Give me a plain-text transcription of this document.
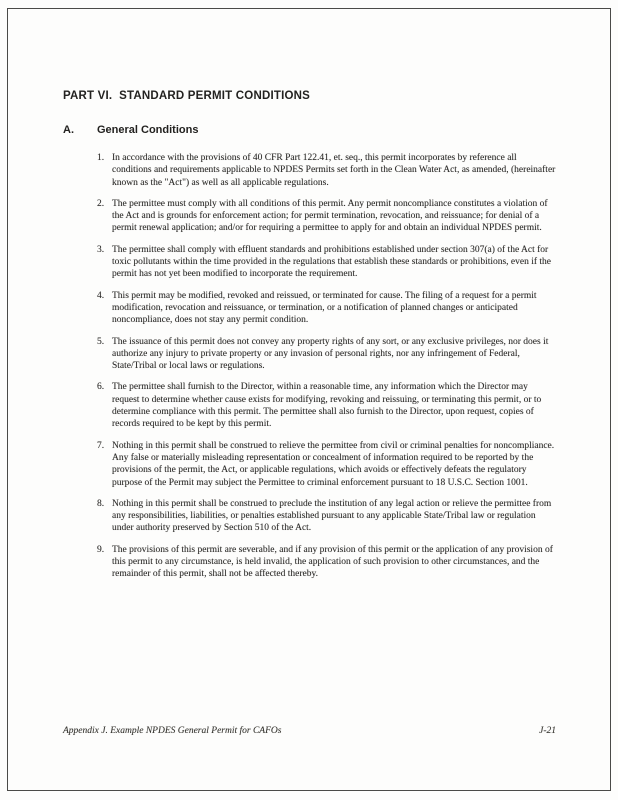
PART VI.  STANDARD PERMIT CONDITIONS
A.	General Conditions
1. In accordance with the provisions of 40 CFR Part 122.41, et. seq., this permit incorporates by reference all conditions and requirements applicable to NPDES Permits set forth in the Clean Water Act, as amended, (hereinafter known as the "Act") as well as all applicable regulations.
2. The permittee must comply with all conditions of this permit. Any permit noncompliance constitutes a violation of the Act and is grounds for enforcement action; for permit termination, revocation, and reissuance; for denial of a permit renewal application; and/or for requiring a permittee to apply for and obtain an individual NPDES permit.
3. The permittee shall comply with effluent standards and prohibitions established under section 307(a) of the Act for toxic pollutants within the time provided in the regulations that establish these standards or prohibitions, even if the permit has not yet been modified to incorporate the requirement.
4. This permit may be modified, revoked and reissued, or terminated for cause. The filing of a request for a permit modification, revocation and reissuance, or termination, or a notification of planned changes or anticipated noncompliance, does not stay any permit condition.
5. The issuance of this permit does not convey any property rights of any sort, or any exclusive privileges, nor does it authorize any injury to private property or any invasion of personal rights, nor any infringement of Federal, State/Tribal or local laws or regulations.
6. The permittee shall furnish to the Director, within a reasonable time, any information which the Director may request to determine whether cause exists for modifying, revoking and reissuing, or terminating this permit, or to determine compliance with this permit. The permittee shall also furnish to the Director, upon request, copies of records required to be kept by this permit.
7. Nothing in this permit shall be construed to relieve the permittee from civil or criminal penalties for noncompliance. Any false or materially misleading representation or concealment of information required to be reported by the provisions of the permit, the Act, or applicable regulations, which avoids or effectively defeats the regulatory purpose of the Permit may subject the Permittee to criminal enforcement pursuant to 18 U.S.C. Section 1001.
8. Nothing in this permit shall be construed to preclude the institution of any legal action or relieve the permittee from any responsibilities, liabilities, or penalties established pursuant to any applicable State/Tribal law or regulation under authority preserved by Section 510 of the Act.
9. The provisions of this permit are severable, and if any provision of this permit or the application of any provision of this permit to any circumstance, is held invalid, the application of such provision to other circumstances, and the remainder of this permit, shall not be affected thereby.
Appendix J. Example NPDES General Permit for CAFOs	J-21
